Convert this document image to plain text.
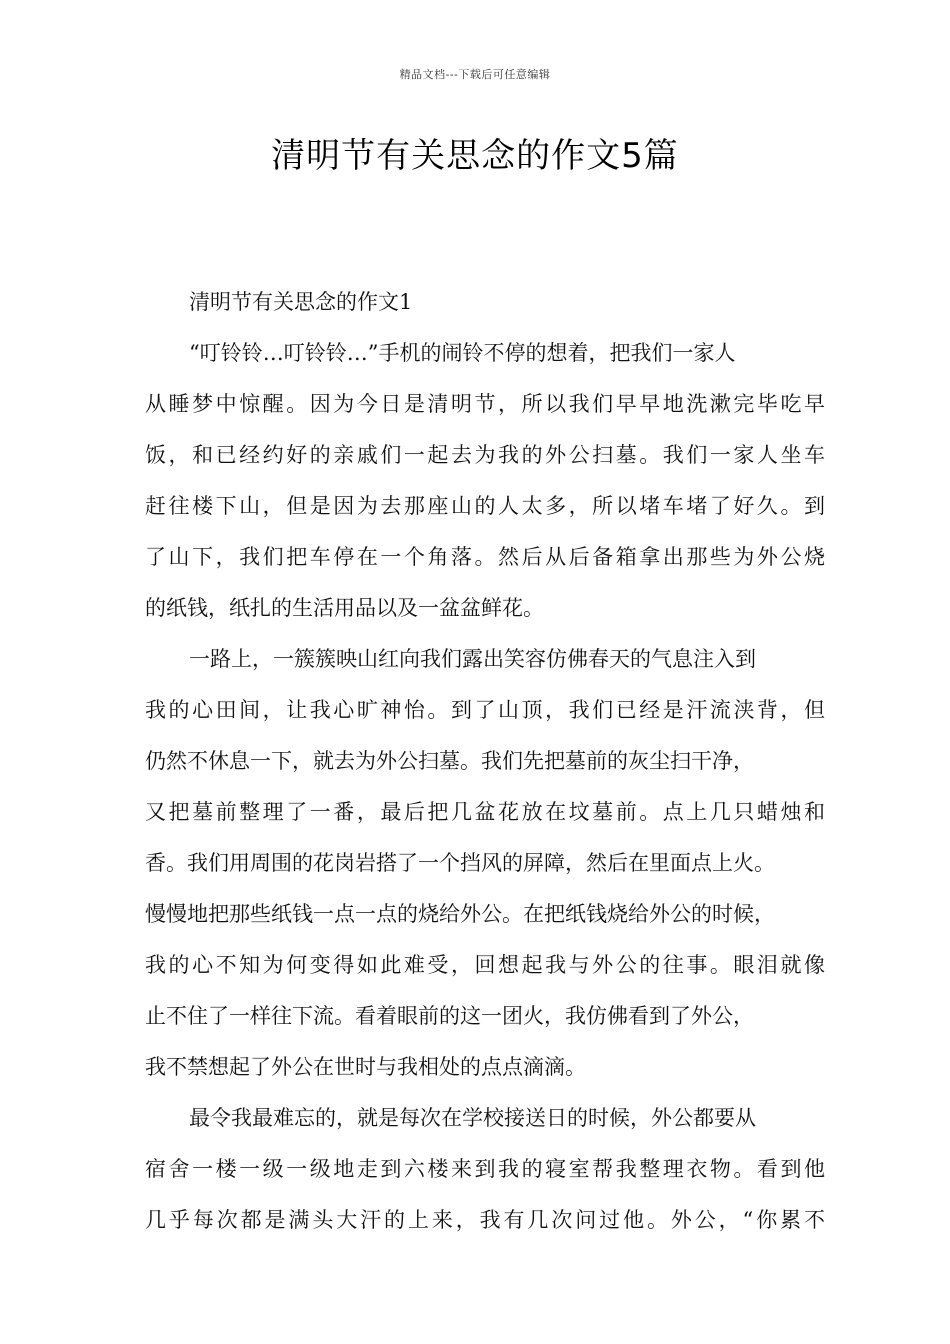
精品文档---下载后可任意编辑
清明节有关思念的作文5篇
清明节有关思念的作文1
“叮铃铃…叮铃铃…”手机的闹铃不停的想着，把我们一家人
从睡梦中惊醒。因为今日是清明节，所以我们早早地洗漱完毕吃早
饭，和已经约好的亲戚们一起去为我的外公扫墓。我们一家人坐车
赶往楼下山，但是因为去那座山的人太多，所以堵车堵了好久。到
了山下，我们把车停在一个角落。然后从后备箱拿出那些为外公烧
的纸钱，纸扎的生活用品以及一盆盆鲜花。
一路上，一簇簇映山红向我们露出笑容仿佛春天的气息注入到
我的心田间，让我心旷神怡。到了山顶，我们已经是汗流浃背，但
仍然不休息一下，就去为外公扫墓。我们先把墓前的灰尘扫干净，
又把墓前整理了一番，最后把几盆花放在坟墓前。点上几只蜡烛和
香。我们用周围的花岗岩搭了一个挡风的屏障，然后在里面点上火。
慢慢地把那些纸钱一点一点的烧给外公。在把纸钱烧给外公的时候，
我的心不知为何变得如此难受，回想起我与外公的往事。眼泪就像
止不住了一样往下流。看着眼前的这一团火，我仿佛看到了外公，
我不禁想起了外公在世时与我相处的点点滴滴。
最令我最难忘的，就是每次在学校接送日的时候，外公都要从
宿舍一楼一级一级地走到六楼来到我的寝室帮我整理衣物。看到他
几乎每次都是满头大汗的上来，我有几次问过他。外公，“你累不
